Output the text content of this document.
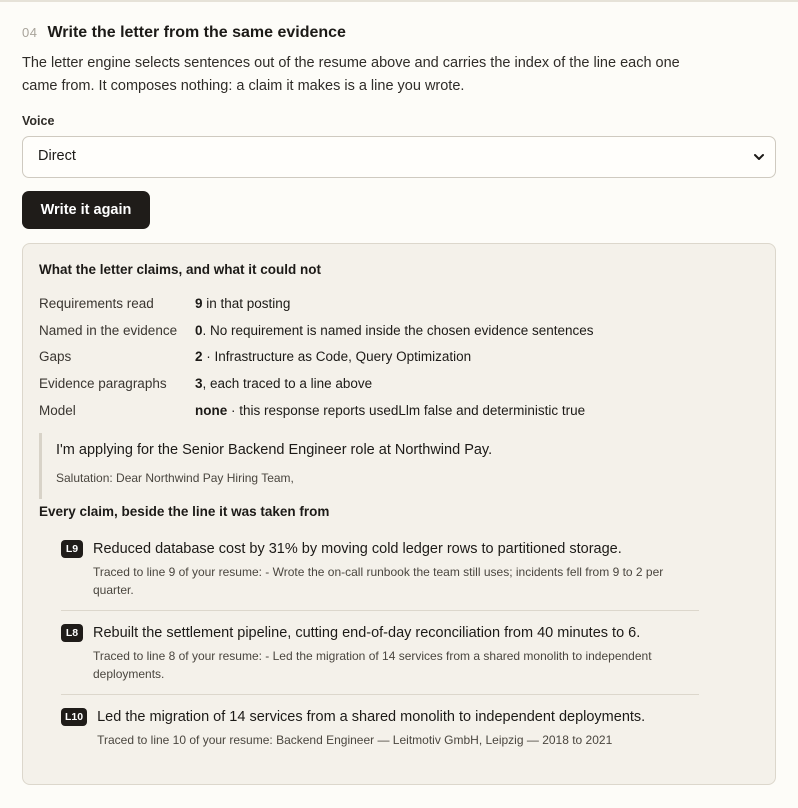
04 Write the letter from the same evidence
The letter engine selects sentences out of the resume above and carries the index of the line each one came from. It composes nothing: a claim it makes is a line you wrote.
Voice
Direct
Write it again
What the letter claims, and what it could not
Requirements read	9 in that posting
Named in the evidence	0. No requirement is named inside the chosen evidence sentences
Gaps	2 · Infrastructure as Code, Query Optimization
Evidence paragraphs	3, each traced to a line above
Model	none · this response reports usedLlm false and deterministic true
I'm applying for the Senior Backend Engineer role at Northwind Pay.
Salutation: Dear Northwind Pay Hiring Team,
Every claim, beside the line it was taken from
L9	Reduced database cost by 31% by moving cold ledger rows to partitioned storage.
Traced to line 9 of your resume: - Wrote the on-call runbook the team still uses; incidents fell from 9 to 2 per quarter.
L8	Rebuilt the settlement pipeline, cutting end-of-day reconciliation from 40 minutes to 6.
Traced to line 8 of your resume: - Led the migration of 14 services from a shared monolith to independent deployments.
L10 Led the migration of 14 services from a shared monolith to independent deployments.
Traced to line 10 of your resume: Backend Engineer — Leitmotiv GmbH, Leipzig — 2018 to 2021
